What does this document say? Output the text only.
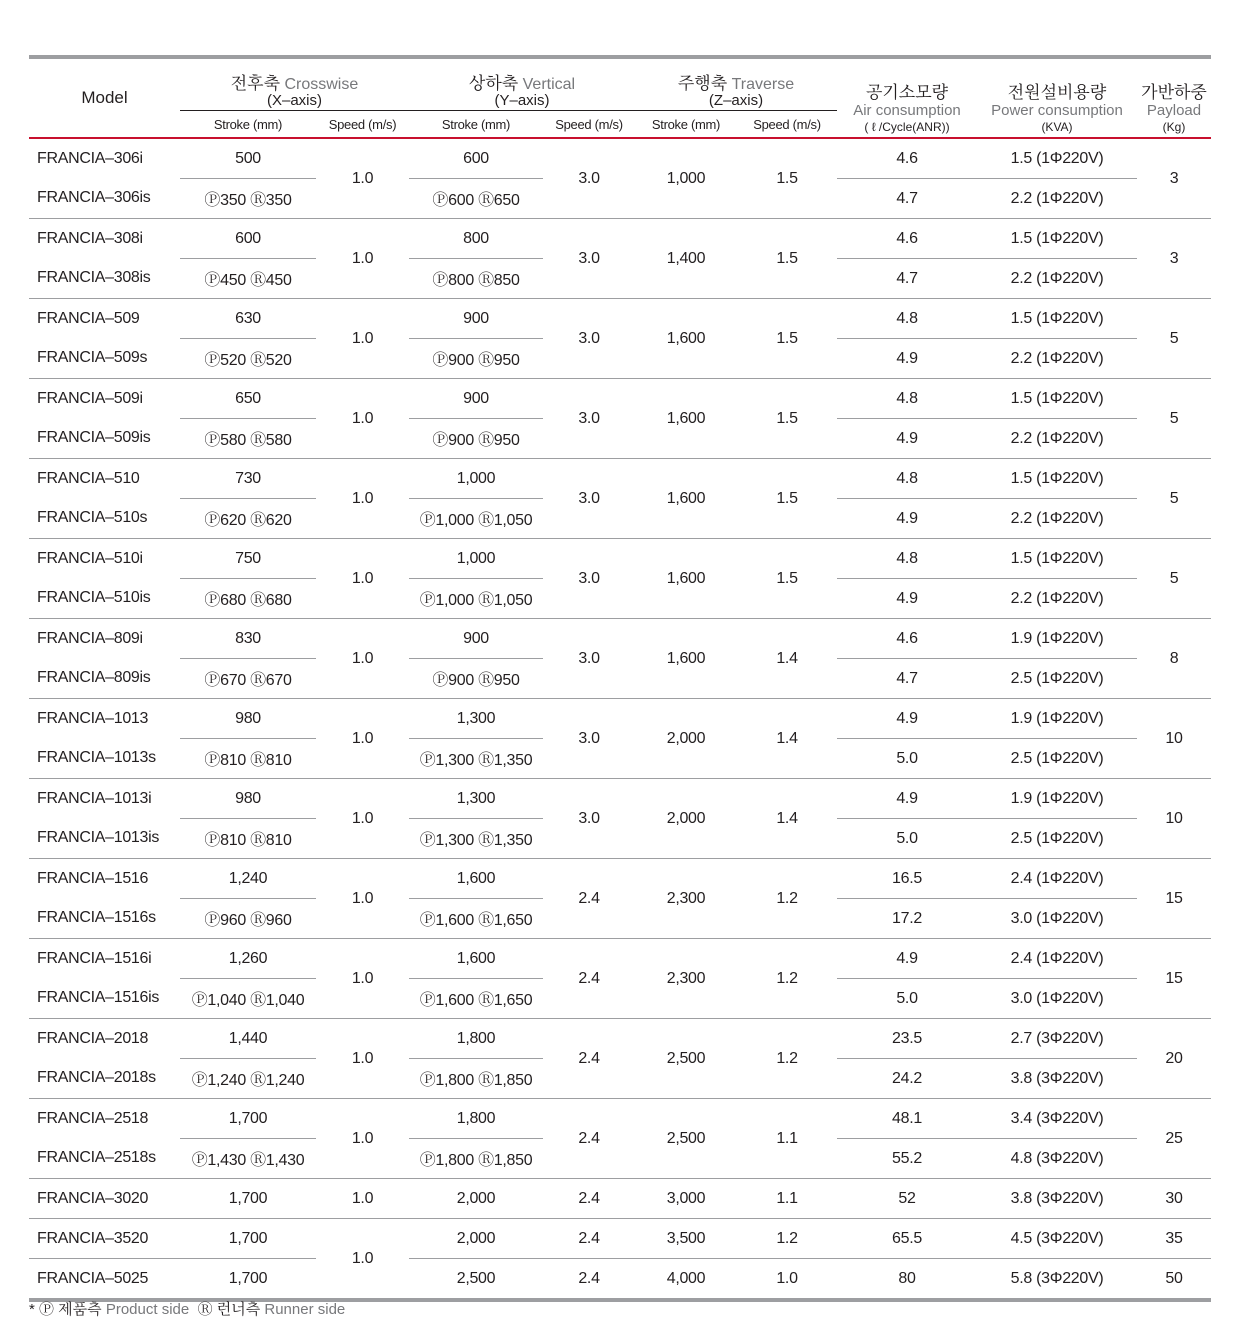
Model	전후축 Crosswise
(X–axis)		상하축 Vertical
(Y–axis)		주행축 Traverse
(Z–axis)		공기소모량
Air consumption
( ℓ /Cycle(ANR))	전원설비용량
Power consumption
(KVA)	가반하중
Payload
(Kg)

	Stroke (mm)	Speed (m/s)	Stroke (mm)	Speed (m/s)	Stroke (mm)	Speed (m/s)			

FRANCIA–306i	500	1.0	600	3.0	1,000	1.5	4.6	1.5 (1Φ220V)	3
FRANCIA–306is	Ⓟ350 Ⓡ350		Ⓟ600 Ⓡ650				4.7	2.2 (1Φ220V)	
FRANCIA–308i	600	1.0	800	3.0	1,400	1.5	4.6	1.5 (1Φ220V)	3
FRANCIA–308is	Ⓟ450 Ⓡ450		Ⓟ800 Ⓡ850				4.7	2.2 (1Φ220V)	
FRANCIA–509	630	1.0	900	3.0	1,600	1.5	4.8	1.5 (1Φ220V)	5
FRANCIA–509s	Ⓟ520 Ⓡ520		Ⓟ900 Ⓡ950				4.9	2.2 (1Φ220V)	
FRANCIA–509i	650	1.0	900	3.0	1,600	1.5	4.8	1.5 (1Φ220V)	5
FRANCIA–509is	Ⓟ580 Ⓡ580		Ⓟ900 Ⓡ950				4.9	2.2 (1Φ220V)	
FRANCIA–510	730	1.0	1,000	3.0	1,600	1.5	4.8	1.5 (1Φ220V)	5
FRANCIA–510s	Ⓟ620 Ⓡ620		Ⓟ1,000 Ⓡ1,050				4.9	2.2 (1Φ220V)	
FRANCIA–510i	750	1.0	1,000	3.0	1,600	1.5	4.8	1.5 (1Φ220V)	5
FRANCIA–510is	Ⓟ680 Ⓡ680		Ⓟ1,000 Ⓡ1,050				4.9	2.2 (1Φ220V)	
FRANCIA–809i	830	1.0	900	3.0	1,600	1.4	4.6	1.9 (1Φ220V)	8
FRANCIA–809is	Ⓟ670 Ⓡ670		Ⓟ900 Ⓡ950				4.7	2.5 (1Φ220V)	
FRANCIA–1013	980	1.0	1,300	3.0	2,000	1.4	4.9	1.9 (1Φ220V)	10
FRANCIA–1013s	Ⓟ810 Ⓡ810		Ⓟ1,300 Ⓡ1,350				5.0	2.5 (1Φ220V)	
FRANCIA–1013i	980	1.0	1,300	3.0	2,000	1.4	4.9	1.9 (1Φ220V)	10
FRANCIA–1013is	Ⓟ810 Ⓡ810		Ⓟ1,300 Ⓡ1,350				5.0	2.5 (1Φ220V)	
FRANCIA–1516	1,240	1.0	1,600	2.4	2,300	1.2	16.5	2.4 (1Φ220V)	15
FRANCIA–1516s	Ⓟ960 Ⓡ960		Ⓟ1,600 Ⓡ1,650				17.2	3.0 (1Φ220V)	
FRANCIA–1516i	1,260	1.0	1,600	2.4	2,300	1.2	4.9	2.4 (1Φ220V)	15
FRANCIA–1516is	Ⓟ1,040 Ⓡ1,040		Ⓟ1,600 Ⓡ1,650				5.0	3.0 (1Φ220V)	
FRANCIA–2018	1,440	1.0	1,800	2.4	2,500	1.2	23.5	2.7 (3Φ220V)	20
FRANCIA–2018s	Ⓟ1,240 Ⓡ1,240		Ⓟ1,800 Ⓡ1,850				24.2	3.8 (3Φ220V)	
FRANCIA–2518	1,700	1.0	1,800	2.4	2,500	1.1	48.1	3.4 (3Φ220V)	25
FRANCIA–2518s	Ⓟ1,430 Ⓡ1,430		Ⓟ1,800 Ⓡ1,850				55.2	4.8 (3Φ220V)	
FRANCIA–3020	1,700	1.0	2,000	2.4	3,000	1.1	52	3.8 (3Φ220V)	30
FRANCIA–3520	1,700	1.0	2,000	2.4	3,500	1.2	65.5	4.5 (3Φ220V)	35
FRANCIA–5025	1,700		2,500	2.4	4,000	1.0	80	5.8 (3Φ220V)	50

* Ⓟ 제품측 Product side Ⓡ 런너측 Runner side
